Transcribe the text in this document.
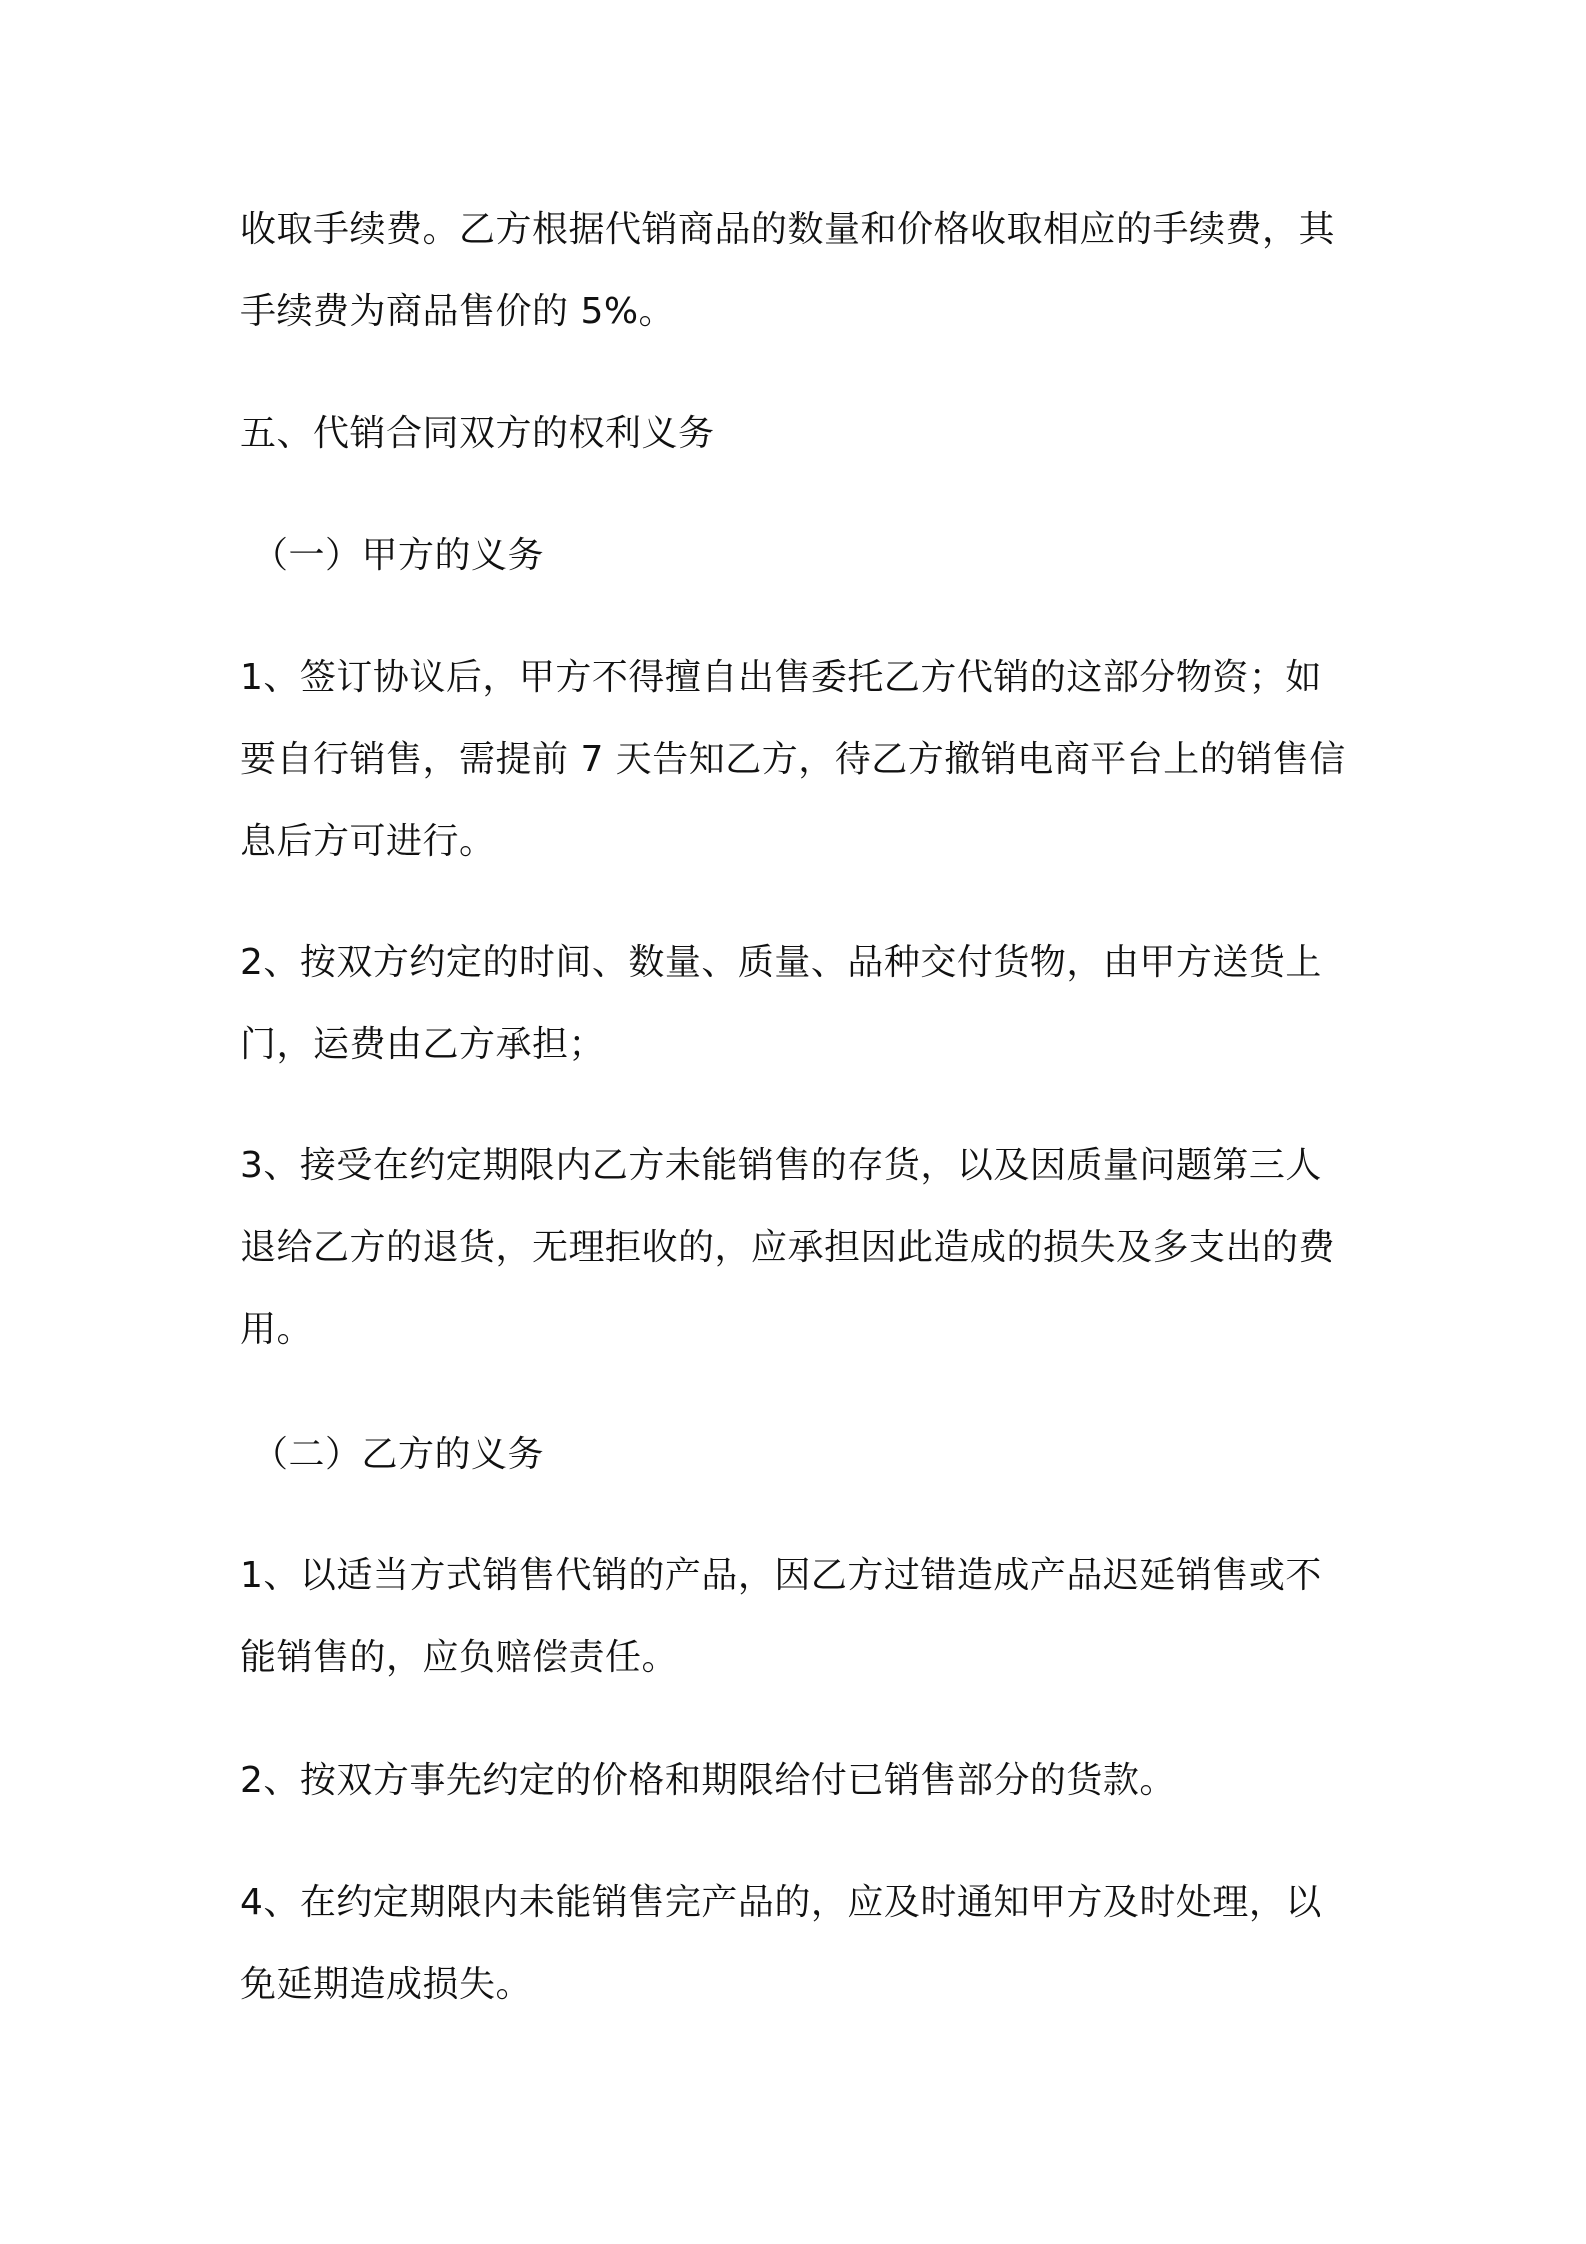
收取手续费。乙方根据代销商品的数量和价格收取相应的手续费，其
手续费为商品售价的 5%。
五、代销合同双方的权利义务
（一）甲方的义务
1、签订协议后，甲方不得擅自出售委托乙方代销的这部分物资；如
要自行销售，需提前 7 天告知乙方，待乙方撤销电商平台上的销售信
息后方可进行。
2、按双方约定的时间、数量、质量、品种交付货物，由甲方送货上
门，运费由乙方承担；
3、接受在约定期限内乙方未能销售的存货，以及因质量问题第三人
退给乙方的退货，无理拒收的，应承担因此造成的损失及多支出的费
用。
（二）乙方的义务
1、以适当方式销售代销的产品，因乙方过错造成产品迟延销售或不
能销售的，应负赔偿责任。
2、按双方事先约定的价格和期限给付已销售部分的货款。
4、在约定期限内未能销售完产品的，应及时通知甲方及时处理，以
免延期造成损失。
